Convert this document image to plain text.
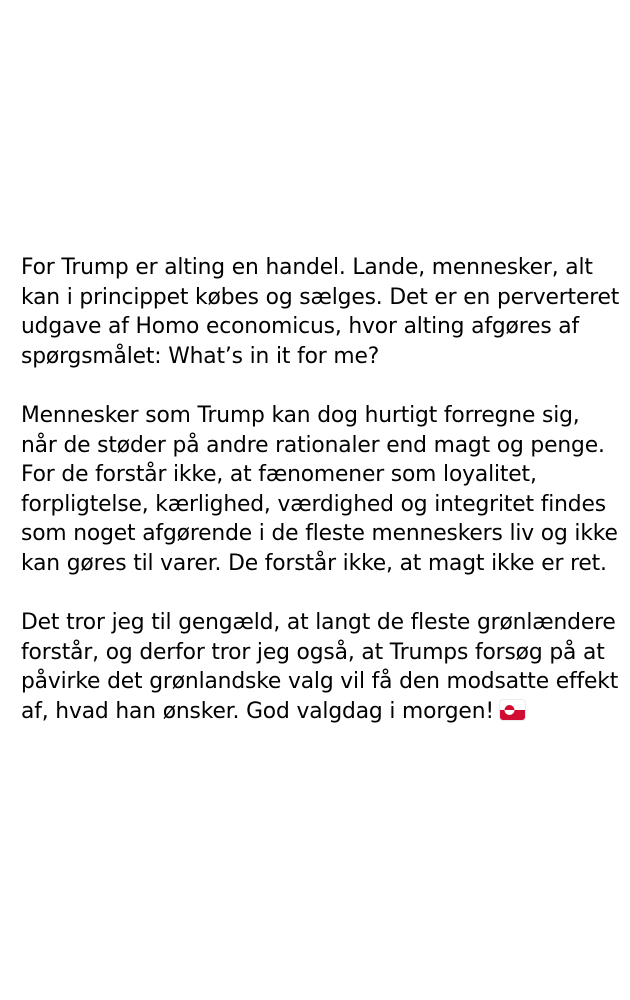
For Trump er alting en handel. Lande, mennesker, alt kan i princippet købes og sælges. Det er en perverteret udgave af Homo economicus, hvor alting afgøres af spørgsmålet: What’s in it for me?

Mennesker som Trump kan dog hurtigt forregne sig, når de støder på andre rationaler end magt og penge. For de forstår ikke, at fænomener som loyalitet, forpligtelse, kærlighed, værdighed og integritet findes som noget afgørende i de fleste menneskers liv og ikke kan gøres til varer. De forstår ikke, at magt ikke er ret.

Det tror jeg til gengæld, at langt de fleste grønlændere forstår, og derfor tror jeg også, at Trumps forsøg på at påvirke det grønlandske valg vil få den modsatte effekt af, hvad han ønsker. God valgdag i morgen!
